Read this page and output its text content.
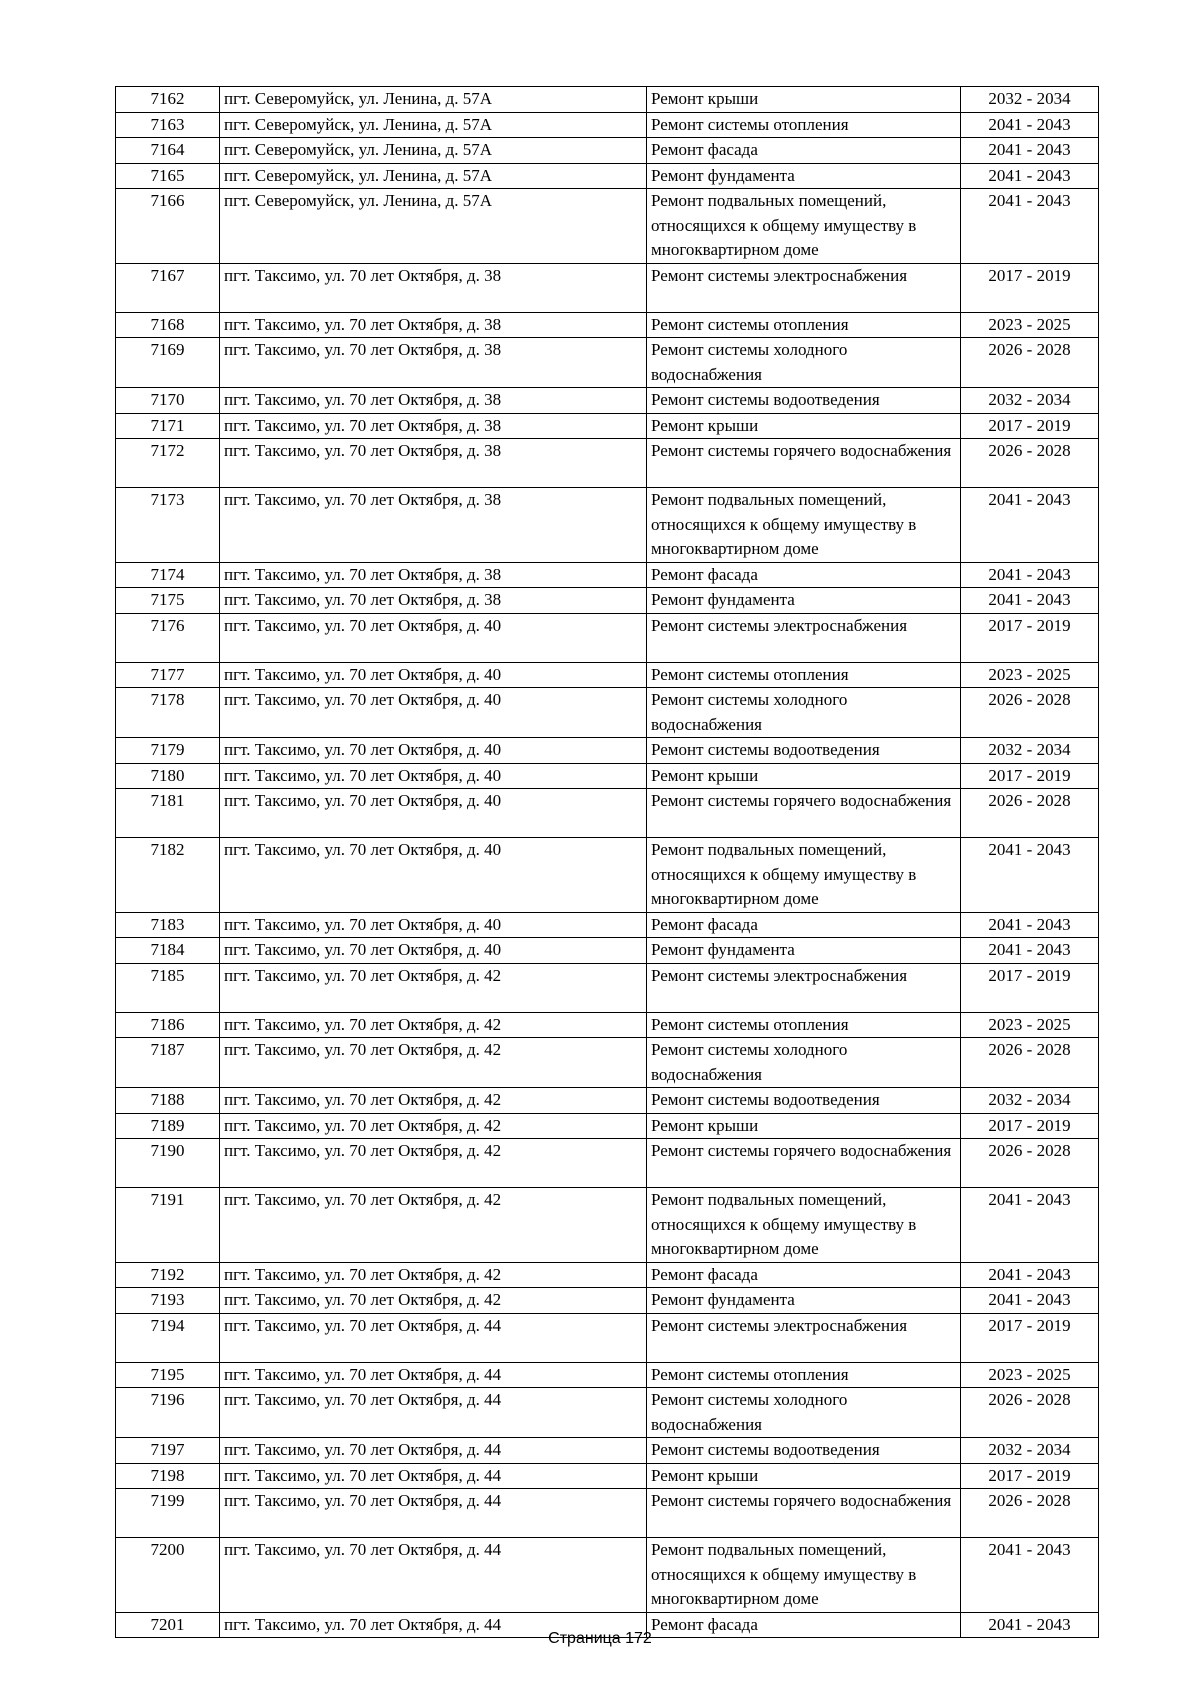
7162	пгт. Северомуйск, ул. Ленина, д. 57А	Ремонт крыши	2032 - 2034
7163	пгт. Северомуйск, ул. Ленина, д. 57А	Ремонт системы отопления	2041 - 2043
7164	пгт. Северомуйск, ул. Ленина, д. 57А	Ремонт фасада	2041 - 2043
7165	пгт. Северомуйск, ул. Ленина, д. 57А	Ремонт фундамента	2041 - 2043
7166	пгт. Северомуйск, ул. Ленина, д. 57А	Ремонт подвальных помещений, относящихся к общему имуществу в многоквартирном доме	2041 - 2043
7167	пгт. Таксимо, ул. 70 лет Октября, д. 38	Ремонт системы электроснабжения	2017 - 2019
7168	пгт. Таксимо, ул. 70 лет Октября, д. 38	Ремонт системы отопления	2023 - 2025
7169	пгт. Таксимо, ул. 70 лет Октября, д. 38	Ремонт системы холодного водоснабжения	2026 - 2028
7170	пгт. Таксимо, ул. 70 лет Октября, д. 38	Ремонт системы водоотведения	2032 - 2034
7171	пгт. Таксимо, ул. 70 лет Октября, д. 38	Ремонт крыши	2017 - 2019
7172	пгт. Таксимо, ул. 70 лет Октября, д. 38	Ремонт системы горячего водоснабжения	2026 - 2028
7173	пгт. Таксимо, ул. 70 лет Октября, д. 38	Ремонт подвальных помещений, относящихся к общему имуществу в многоквартирном доме	2041 - 2043
7174	пгт. Таксимо, ул. 70 лет Октября, д. 38	Ремонт фасада	2041 - 2043
7175	пгт. Таксимо, ул. 70 лет Октября, д. 38	Ремонт фундамента	2041 - 2043
7176	пгт. Таксимо, ул. 70 лет Октября, д. 40	Ремонт системы электроснабжения	2017 - 2019
7177	пгт. Таксимо, ул. 70 лет Октября, д. 40	Ремонт системы отопления	2023 - 2025
7178	пгт. Таксимо, ул. 70 лет Октября, д. 40	Ремонт системы холодного водоснабжения	2026 - 2028
7179	пгт. Таксимо, ул. 70 лет Октября, д. 40	Ремонт системы водоотведения	2032 - 2034
7180	пгт. Таксимо, ул. 70 лет Октября, д. 40	Ремонт крыши	2017 - 2019
7181	пгт. Таксимо, ул. 70 лет Октября, д. 40	Ремонт системы горячего водоснабжения	2026 - 2028
7182	пгт. Таксимо, ул. 70 лет Октября, д. 40	Ремонт подвальных помещений, относящихся к общему имуществу в многоквартирном доме	2041 - 2043
7183	пгт. Таксимо, ул. 70 лет Октября, д. 40	Ремонт фасада	2041 - 2043
7184	пгт. Таксимо, ул. 70 лет Октября, д. 40	Ремонт фундамента	2041 - 2043
7185	пгт. Таксимо, ул. 70 лет Октября, д. 42	Ремонт системы электроснабжения	2017 - 2019
7186	пгт. Таксимо, ул. 70 лет Октября, д. 42	Ремонт системы отопления	2023 - 2025
7187	пгт. Таксимо, ул. 70 лет Октября, д. 42	Ремонт системы холодного водоснабжения	2026 - 2028
7188	пгт. Таксимо, ул. 70 лет Октября, д. 42	Ремонт системы водоотведения	2032 - 2034
7189	пгт. Таксимо, ул. 70 лет Октября, д. 42	Ремонт крыши	2017 - 2019
7190	пгт. Таксимо, ул. 70 лет Октября, д. 42	Ремонт системы горячего водоснабжения	2026 - 2028
7191	пгт. Таксимо, ул. 70 лет Октября, д. 42	Ремонт подвальных помещений, относящихся к общему имуществу в многоквартирном доме	2041 - 2043
7192	пгт. Таксимо, ул. 70 лет Октября, д. 42	Ремонт фасада	2041 - 2043
7193	пгт. Таксимо, ул. 70 лет Октября, д. 42	Ремонт фундамента	2041 - 2043
7194	пгт. Таксимо, ул. 70 лет Октября, д. 44	Ремонт системы электроснабжения	2017 - 2019
7195	пгт. Таксимо, ул. 70 лет Октября, д. 44	Ремонт системы отопления	2023 - 2025
7196	пгт. Таксимо, ул. 70 лет Октября, д. 44	Ремонт системы холодного водоснабжения	2026 - 2028
7197	пгт. Таксимо, ул. 70 лет Октября, д. 44	Ремонт системы водоотведения	2032 - 2034
7198	пгт. Таксимо, ул. 70 лет Октября, д. 44	Ремонт крыши	2017 - 2019
7199	пгт. Таксимо, ул. 70 лет Октября, д. 44	Ремонт системы горячего водоснабжения	2026 - 2028
7200	пгт. Таксимо, ул. 70 лет Октября, д. 44	Ремонт подвальных помещений, относящихся к общему имуществу в многоквартирном доме	2041 - 2043
7201	пгт. Таксимо, ул. 70 лет Октября, д. 44	Ремонт фасада	2041 - 2043
Страница 172
